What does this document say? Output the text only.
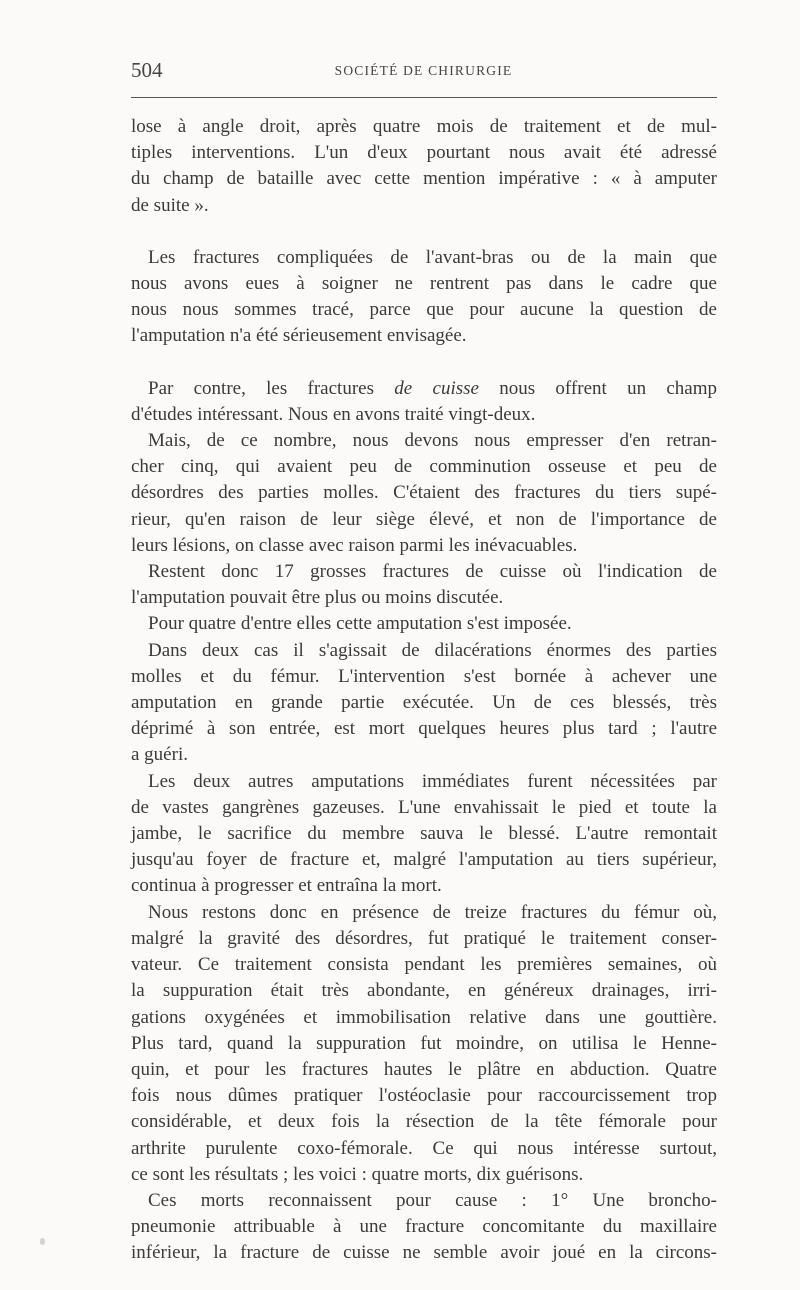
504	SOCIÉTÉ DE CHIRURGIE
lose à angle droit, après quatre mois de traitement et de mul-
tiples interventions. L'un d'eux pourtant nous avait été adressé
du champ de bataille avec cette mention impérative : « à amputer
de suite ».
Les fractures compliquées de l'avant-bras ou de la main que
nous avons eues à soigner ne rentrent pas dans le cadre que
nous nous sommes tracé, parce que pour aucune la question de
l'amputation n'a été sérieusement envisagée.
Par contre, les fractures de cuisse nous offrent un champ
d'études intéressant. Nous en avons traité vingt-deux.
Mais, de ce nombre, nous devons nous empresser d'en retran-
cher cinq, qui avaient peu de comminution osseuse et peu de
désordres des parties molles. C'étaient des fractures du tiers supé-
rieur, qu'en raison de leur siège élevé, et non de l'importance de
leurs lésions, on classe avec raison parmi les inévacuables.
Restent donc 17 grosses fractures de cuisse où l'indication de
l'amputation pouvait être plus ou moins discutée.
Pour quatre d'entre elles cette amputation s'est imposée.
Dans deux cas il s'agissait de dilacérations énormes des parties
molles et du fémur. L'intervention s'est bornée à achever une
amputation en grande partie exécutée. Un de ces blessés, très
déprimé à son entrée, est mort quelques heures plus tard ; l'autre
a guéri.
Les deux autres amputations immédiates furent nécessitées par
de vastes gangrènes gazeuses. L'une envahissait le pied et toute la
jambe, le sacrifice du membre sauva le blessé. L'autre remontait
jusqu'au foyer de fracture et, malgré l'amputation au tiers supérieur,
continua à progresser et entraîna la mort.
Nous restons donc en présence de treize fractures du fémur où,
malgré la gravité des désordres, fut pratiqué le traitement conser-
vateur. Ce traitement consista pendant les premières semaines, où
la suppuration était très abondante, en généreux drainages, irri-
gations oxygénées et immobilisation relative dans une gouttière.
Plus tard, quand la suppuration fut moindre, on utilisa le Henne-
quin, et pour les fractures hautes le plâtre en abduction. Quatre
fois nous dûmes pratiquer l'ostéoclasie pour raccourcissement trop
considérable, et deux fois la résection de la tête fémorale pour
arthrite purulente coxo-fémorale. Ce qui nous intéresse surtout,
ce sont les résultats ; les voici : quatre morts, dix guérisons.
Ces morts reconnaissent pour cause : 1° Une broncho-
pneumonie attribuable à une fracture concomitante du maxillaire
inférieur, la fracture de cuisse ne semble avoir joué en la circons-
